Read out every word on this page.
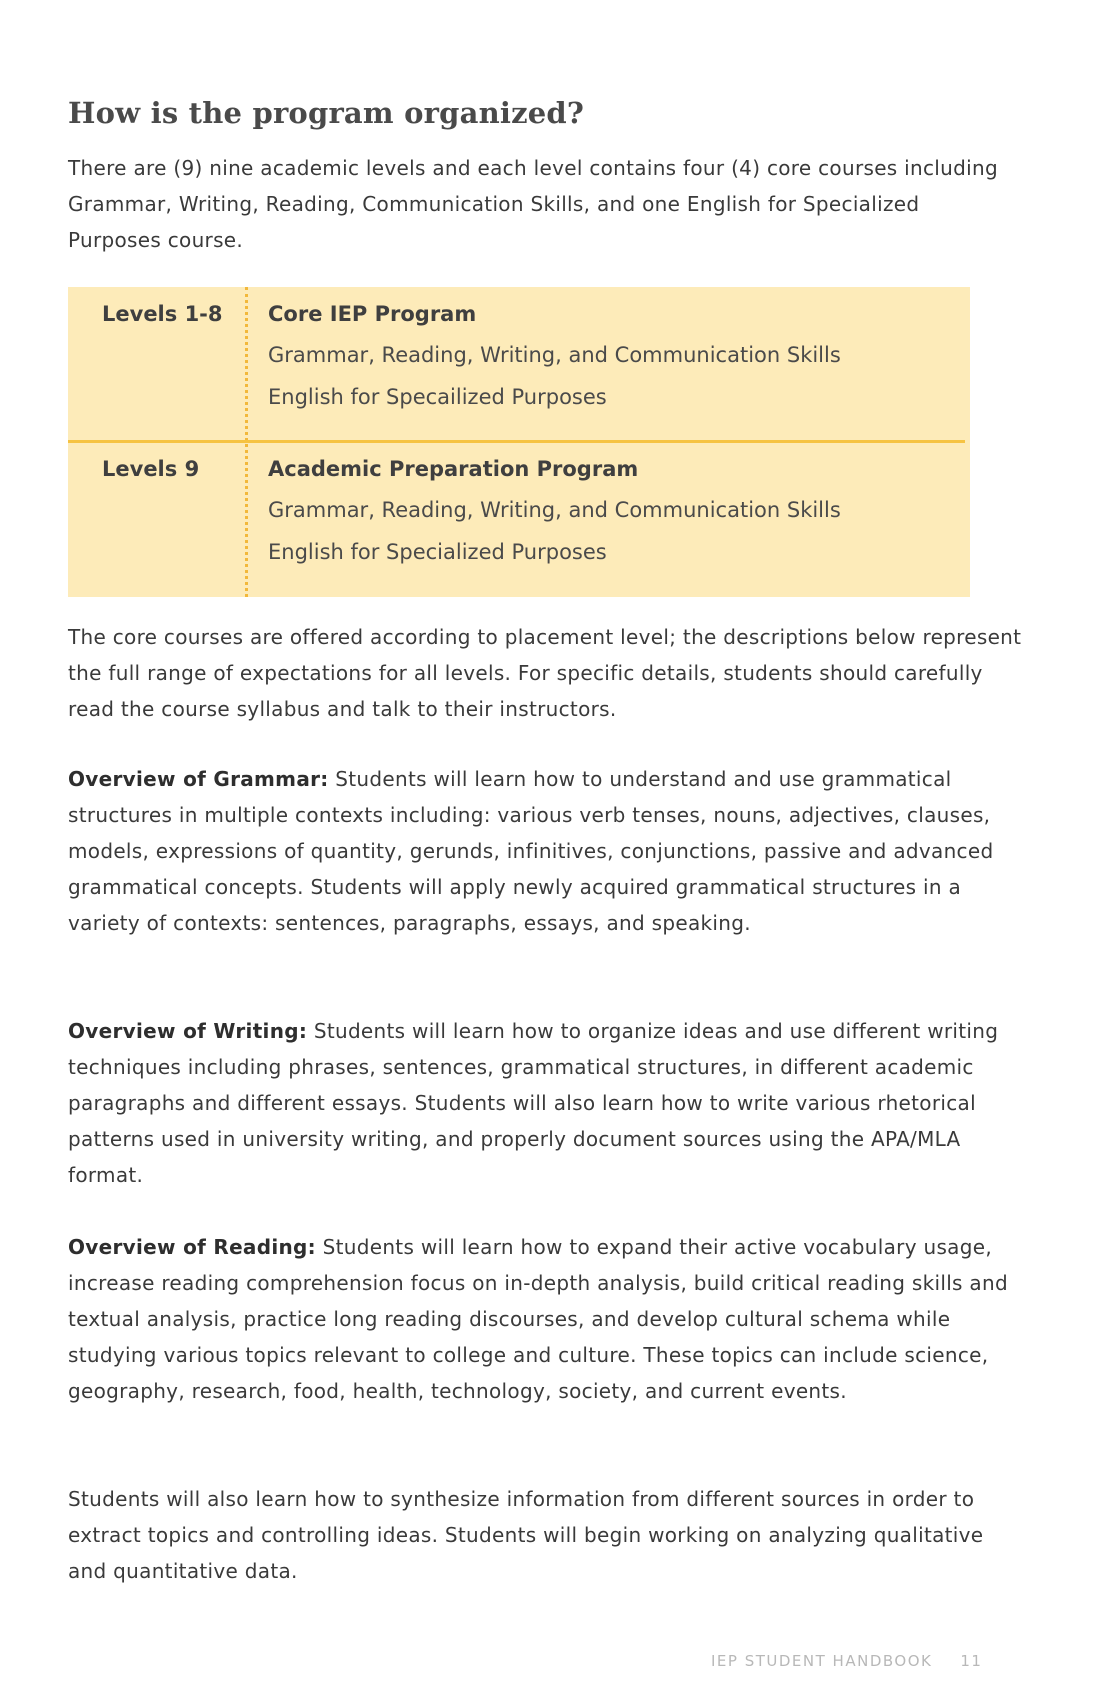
How is the program organized?

There are (9) nine academic levels and each level contains four (4) core courses including Grammar, Writing, Reading, Communication Skills, and one English for Specialized Purposes course.

Levels 1-8 Core IEP Program
Grammar, Reading, Writing, and Communication Skills
English for Specailized Purposes
Levels 9	Academic Preparation Program
Grammar, Reading, Writing, and Communication Skills
English for Specialized Purposes

The core courses are offered according to placement level; the descriptions below represent the full range of expectations for all levels. For specific details, students should carefully read the course syllabus and talk to their instructors.

Overview of Grammar: Students will learn how to understand and use grammatical structures in multiple contexts including: various verb tenses, nouns, adjectives, clauses, models, expressions of quantity, gerunds, infinitives, conjunctions, passive and advanced grammatical concepts. Students will apply newly acquired grammatical structures in a variety of contexts: sentences, paragraphs, essays, and speaking.

Overview of Writing: Students will learn how to organize ideas and use different writing techniques including phrases, sentences, grammatical structures, in different academic paragraphs and different essays. Students will also learn how to write various rhetorical patterns used in university writing, and properly document sources using the APA/MLA format.

Overview of Reading: Students will learn how to expand their active vocabulary usage, increase reading comprehension focus on in-depth analysis, build critical reading skills and textual analysis, practice long reading discourses, and develop cultural schema while studying various topics relevant to college and culture. These topics can include science, geography, research, food, health, technology, society, and current events.

Students will also learn how to synthesize information from different sources in order to extract topics and controlling ideas. Students will begin working on analyzing qualitative and quantitative data.

IEP STUDENT HANDBOOK 11
